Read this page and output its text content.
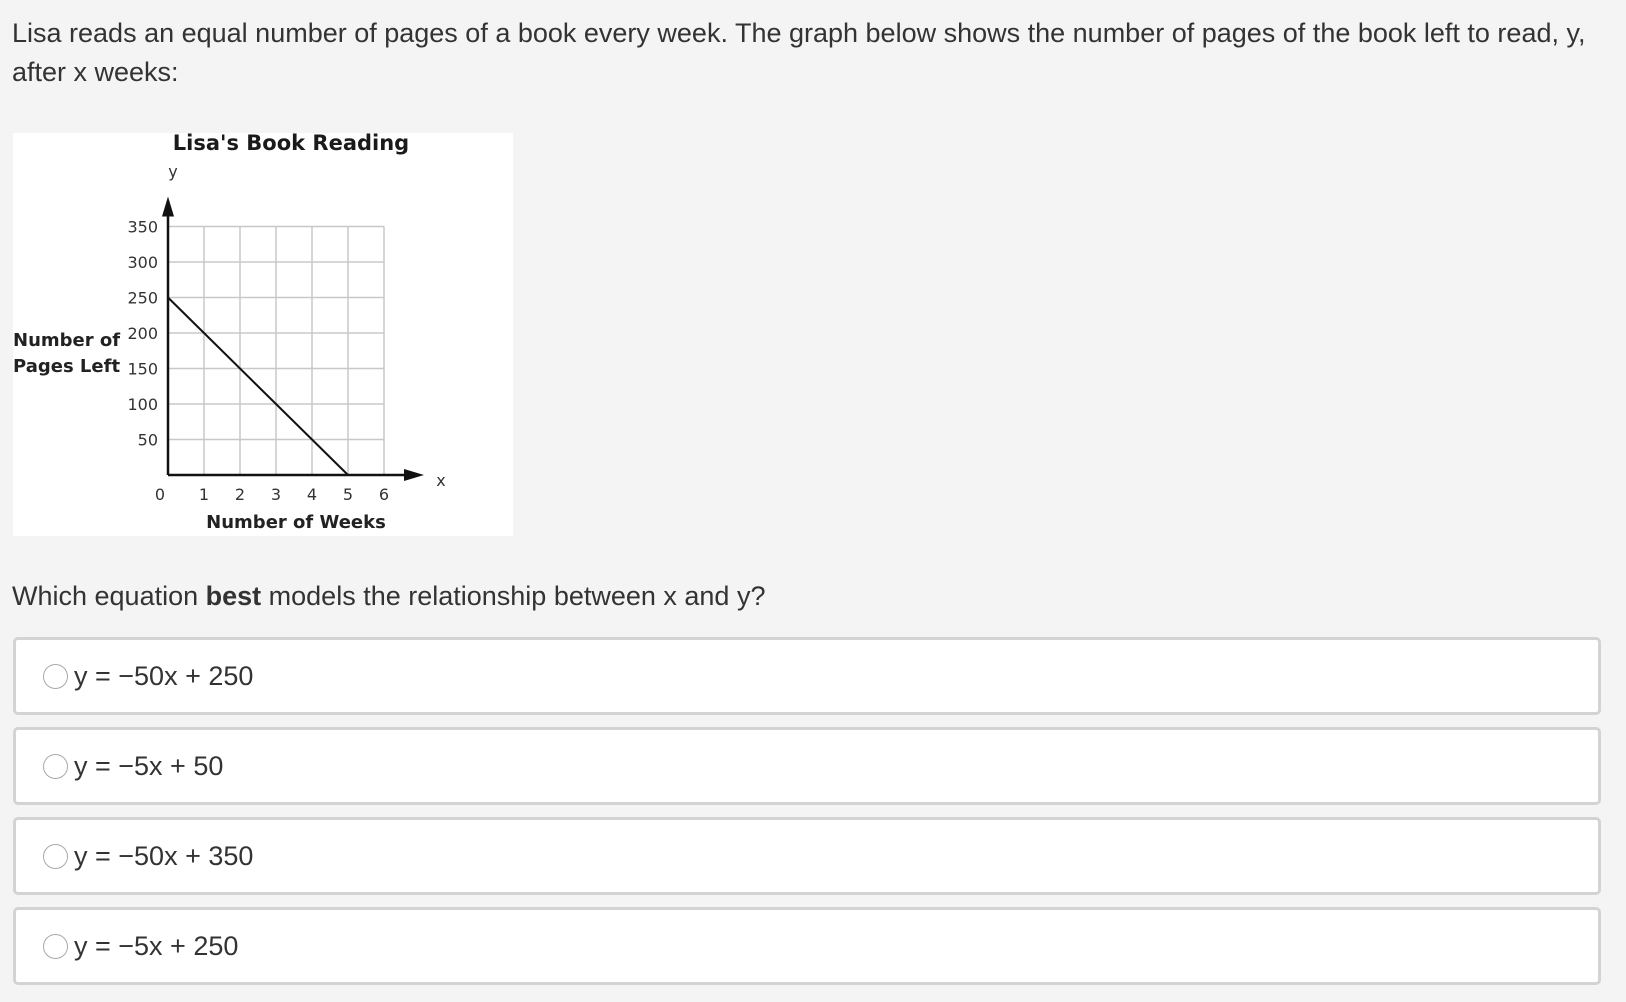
Lisa reads an equal number of pages of a book every week. The graph below shows the number of pages of the book left to read, y, after x weeks:

Lisa's Book Reading
y
x
Number of
Pages Left
Number of Weeks
0 1 2 3 4 5 6
50
100
150
200
250
300
350

Which equation best models the relationship between x and y?

y = −50x + 250
y = −5x + 50
y = −50x + 350
y = −5x + 250
